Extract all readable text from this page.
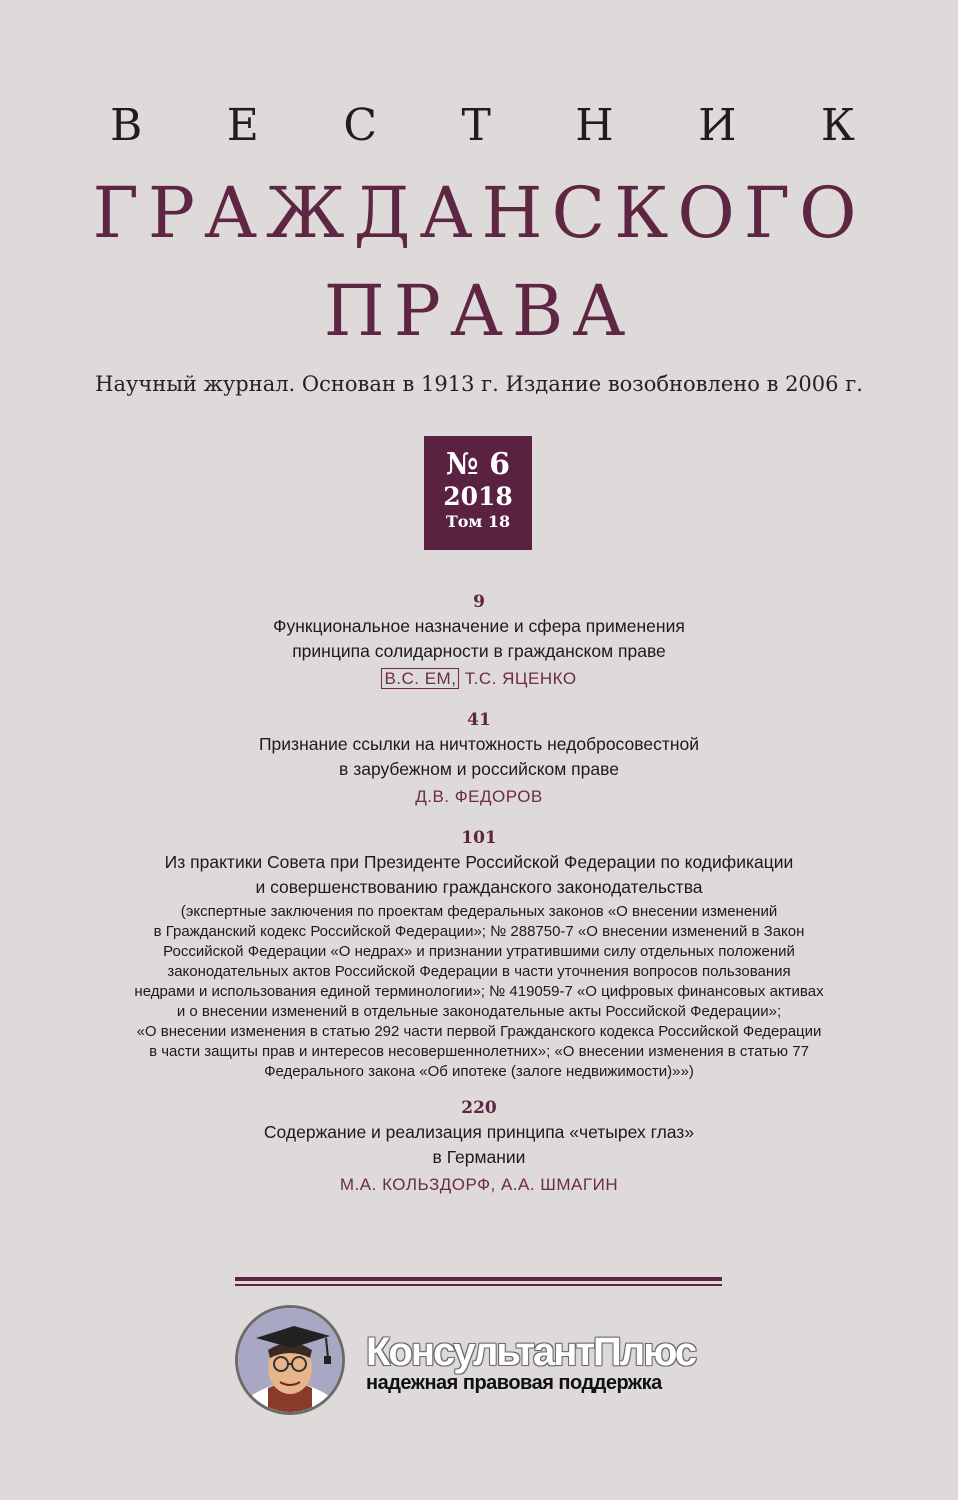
В Е С Т Н И К
ГРАЖДАНСКОГО
ПРАВА
Научный журнал. Основан в 1913 г. Издание возобновлено в 2006 г.
№ 6
2018
Том 18
9
Функциональное назначение и сфера применения
принципа солидарности в гражданском праве
В.С. ЕМ, Т.С. ЯЦЕНКО
41
Признание ссылки на ничтожность недобросовестной
в зарубежном и российском праве
Д.В. ФЕДОРОВ
101
Из практики Совета при Президенте Российской Федерации по кодификации
и совершенствованию гражданского законодательства
(экспертные заключения по проектам федеральных законов «О внесении изменений
в Гражданский кодекс Российской Федерации»; № 288750-7 «О внесении изменений в Закон
Российской Федерации «О недрах» и признании утратившими силу отдельных положений
законодательных актов Российской Федерации в части уточнения вопросов пользования
недрами и использования единой терминологии»; № 419059-7 «О цифровых финансовых активах
и о внесении изменений в отдельные законодательные акты Российской Федерации»;
«О внесении изменения в статью 292 части первой Гражданского кодекса Российской Федерации
в части защиты прав и интересов несовершеннолетних»; «О внесении изменения в статью 77
Федерального закона «Об ипотеке (залоге недвижимости)»»)
220
Содержание и реализация принципа «четырех глаз»
в Германии
М.А. КОЛЬЗДОРФ, А.А. ШМАГИН
КонсультантПлюс
надежная правовая поддержка
